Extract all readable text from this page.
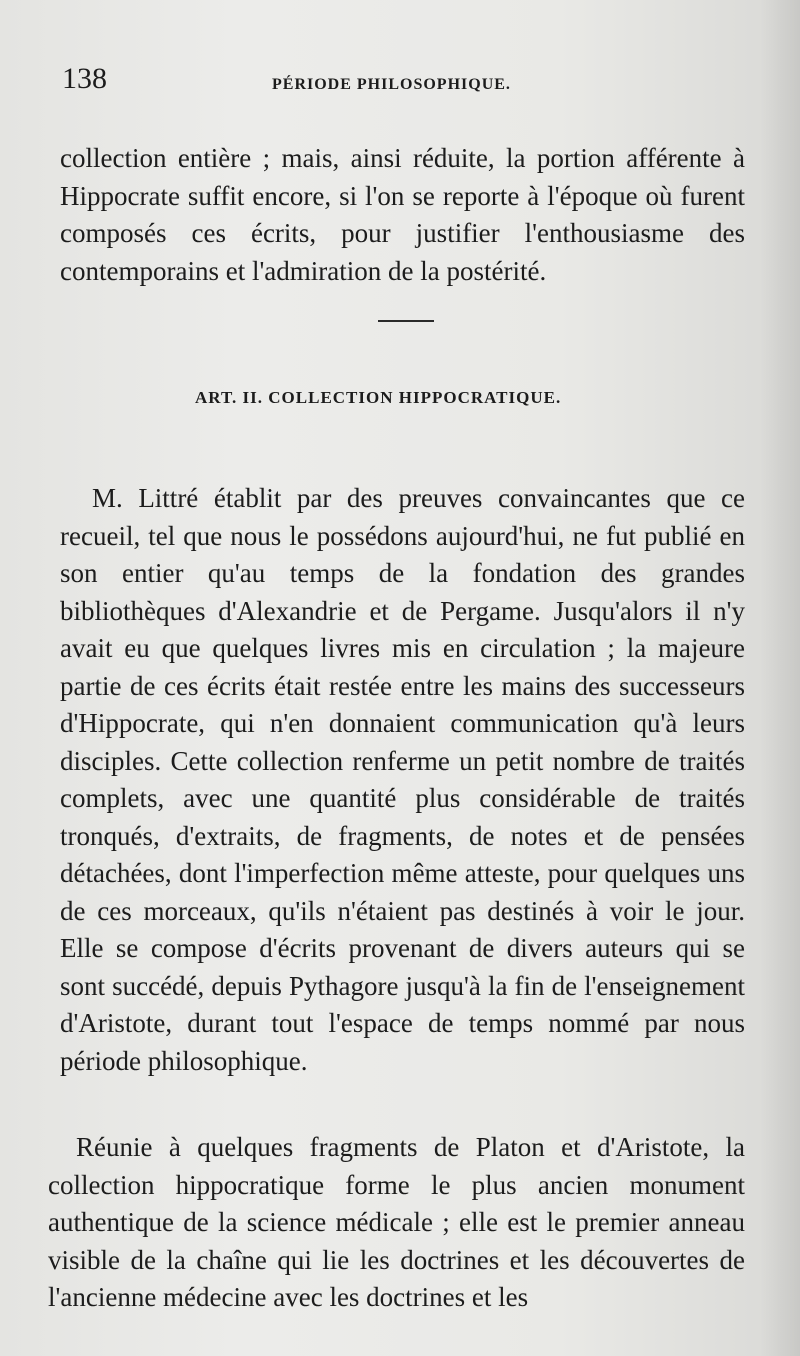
138	PÉRIODE PHILOSOPHIQUE.

collection entière ; mais, ainsi réduite, la portion afférente à Hippocrate suffit encore, si l'on se reporte à l'époque où furent composés ces écrits, pour justifier l'enthousiasme des contemporains et l'admiration de la postérité.

ART. II. COLLECTION HIPPOCRATIQUE.

M. Littré établit par des preuves convaincantes que ce recueil, tel que nous le possédons aujourd'hui, ne fut publié en son entier qu'au temps de la fondation des grandes bibliothèques d'Alexandrie et de Pergame. Jusqu'alors il n'y avait eu que quelques livres mis en circulation ; la majeure partie de ces écrits était restée entre les mains des successeurs d'Hippocrate, qui n'en donnaient communication qu'à leurs disciples. Cette collection renferme un petit nombre de traités complets, avec une quantité plus considérable de traités tronqués, d'extraits, de fragments, de notes et de pensées détachées, dont l'imperfection même atteste, pour quelques uns de ces morceaux, qu'ils n'étaient pas destinés à voir le jour. Elle se compose d'écrits provenant de divers auteurs qui se sont succédé, depuis Pythagore jusqu'à la fin de l'enseignement d'Aristote, durant tout l'espace de temps nommé par nous période philosophique.

Réunie à quelques fragments de Platon et d'Aristote, la collection hippocratique forme le plus ancien monument authentique de la science médicale ; elle est le premier anneau visible de la chaîne qui lie les doctrines et les découvertes de l'ancienne médecine avec les doctrines et les
